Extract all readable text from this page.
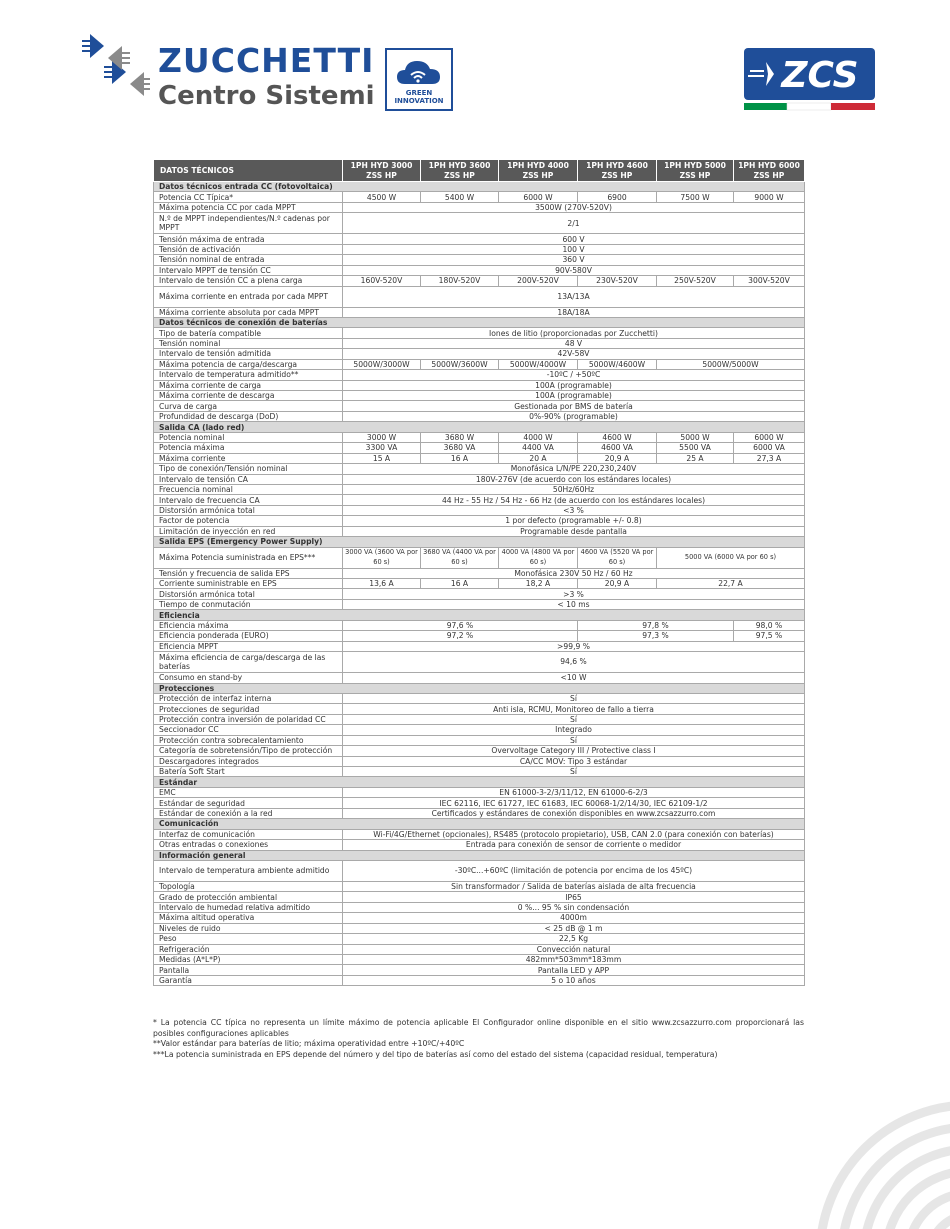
ZUCCHETTI
Centro Sistemi	GREEN
INNOVATION
ZCS
DATOS TÉCNICOS	1PH HYD 3000 ZSS HP	1PH HYD 3600 ZSS HP	1PH HYD 4000 ZSS HP	1PH HYD 4600 ZSS HP	1PH HYD 5000 ZSS HP	1PH HYD 6000 ZSS HP
Datos técnicos entrada CC (fotovoltaica)						
Potencia CC Típica*	4500 W	5400 W	6000 W	6900	7500 W	9000 W
Máxima potencia CC por cada MPPT	3500W (270V-520V)					
N.º de MPPT independientes/N.º cadenas por MPPT	2/1					
Tensión máxima de entrada	600 V					
Tensión de activación	100 V					
Tensión nominal de entrada	360 V					
Intervalo MPPT de tensión CC	90V-580V					
Intervalo de tensión CC a plena carga	160V-520V	180V-520V	200V-520V	230V-520V	250V-520V	300V-520V
Máxima corriente en entrada por cada MPPT	13A/13A					
Máxima corriente absoluta por cada MPPT	18A/18A					
Datos técnicos de conexión de baterías						
Tipo de batería compatible	Iones de litio (proporcionadas por Zucchetti)					
Tensión nominal	48 V					
Intervalo de tensión admitida	42V-58V					
Máxima potencia de carga/descarga	5000W/3000W	5000W/3600W	5000W/4000W	5000W/4600W	5000W/5000W	
Intervalo de temperatura admitido**	-10ºC / +50ºC					
Máxima corriente de carga	100A (programable)					
Máxima corriente de descarga	100A (programable)					
Curva de carga	Gestionada por BMS de batería					
Profundidad de descarga (DoD)	0%-90% (programable)					
Salida CA (lado red)						
Potencia nominal	3000 W	3680 W	4000 W	4600 W	5000 W	6000 W
Potencia máxima	3300 VA	3680 VA	4400 VA	4600 VA	5500 VA	6000 VA
Máxima corriente	15 A	16 A	20 A	20,9 A	25 A	27,3 A
Tipo de conexión/Tensión nominal	Monofásica L/N/PE 220,230,240V					
Intervalo de tensión CA	180V-276V (de acuerdo con los estándares locales)					
Frecuencia nominal	50Hz/60Hz					
Intervalo de frecuencia CA	44 Hz - 55 Hz / 54 Hz - 66 Hz (de acuerdo con los estándares locales)					
Distorsión armónica total	<3 %					
Factor de potencia	1 por defecto (programable +/- 0.8)					
Limitación de inyección en red	Programable desde pantalla					
Salida EPS (Emergency Power Supply)						
Máxima Potencia suministrada en EPS***	3000 VA (3600 VA por 60 s)	3680 VA (4400 VA por 60 s)	4000 VA (4800 VA por 60 s)	4600 VA (5520 VA por 60 s)	5000 VA (6000 VA por 60 s)	
Tensión y frecuencia de salida EPS	Monofásica 230V 50 Hz / 60 Hz					
Corriente suministrable en EPS	13,6 A	16 A	18,2 A	20,9 A	22,7 A	
Distorsión armónica total	>3 %					
Tiempo de conmutación	< 10 ms					
Eficiencia						
Eficiencia máxima	97,6 %			97,8 %		98,0 %
Eficiencia ponderada (EURO)	97,2 %			97,3 %		97,5 %
Eficiencia MPPT	>99,9 %					
Máxima eficiencia de carga/descarga de las baterías	94,6 %					
Consumo en stand-by	<10 W					
Protecciones						
Protección de interfaz interna	Sí					
Protecciones de seguridad	Anti isla, RCMU, Monitoreo de fallo a tierra					
Protección contra inversión de polaridad CC	Sí					
Seccionador CC	Integrado					
Protección contra sobrecalentamiento	Sí					
Categoría de sobretensión/Tipo de protección	Overvoltage Category III / Protective class I					
Descargadores integrados	CA/CC MOV: Tipo 3 estándar					
Batería Soft Start	Sí					
Estándar						
EMC	EN 61000-3-2/3/11/12, EN 61000-6-2/3					
Estándar de seguridad	IEC 62116, IEC 61727, IEC 61683, IEC 60068-1/2/14/30, IEC 62109-1/2					
Estándar de conexión a la red	Certificados y estándares de conexión disponibles en www.zcsazzurro.com					
Comunicación						
Interfaz de comunicación	Wi-Fi/4G/Ethernet (opcionales), RS485 (protocolo propietario), USB, CAN 2.0 (para conexión con baterías)					
Otras entradas o conexiones	Entrada para conexión de sensor de corriente o medidor					
Información general						
Intervalo de temperatura ambiente admitido	-30ºC...+60ºC (limitación de potencia por encima de los 45ºC)					
Topología	Sin transformador / Salida de baterías aislada de alta frecuencia					
Grado de protección ambiental	IP65					
Intervalo de humedad relativa admitido	0 %... 95 % sin condensación					
Máxima altitud operativa	4000m					
Niveles de ruido	< 25 dB @ 1 m					
Peso	22,5 Kg					
Refrigeración	Convección natural					
Medidas (A*L*P)	482mm*503mm*183mm					
Pantalla	Pantalla LED y APP					
Garantía	5 o 10 años					

* La potencia CC típica no representa un límite máximo de potencia aplicable El Configurador online disponible en el sitio www.zcsazzurro.com proporcionará las posibles configuraciones aplicables

**Valor estándar para baterías de litio; máxima operatividad entre +10ºC/+40ºC

***La potencia suministrada en EPS depende del número y del tipo de baterías así como del estado del sistema (capacidad residual, temperatura)
